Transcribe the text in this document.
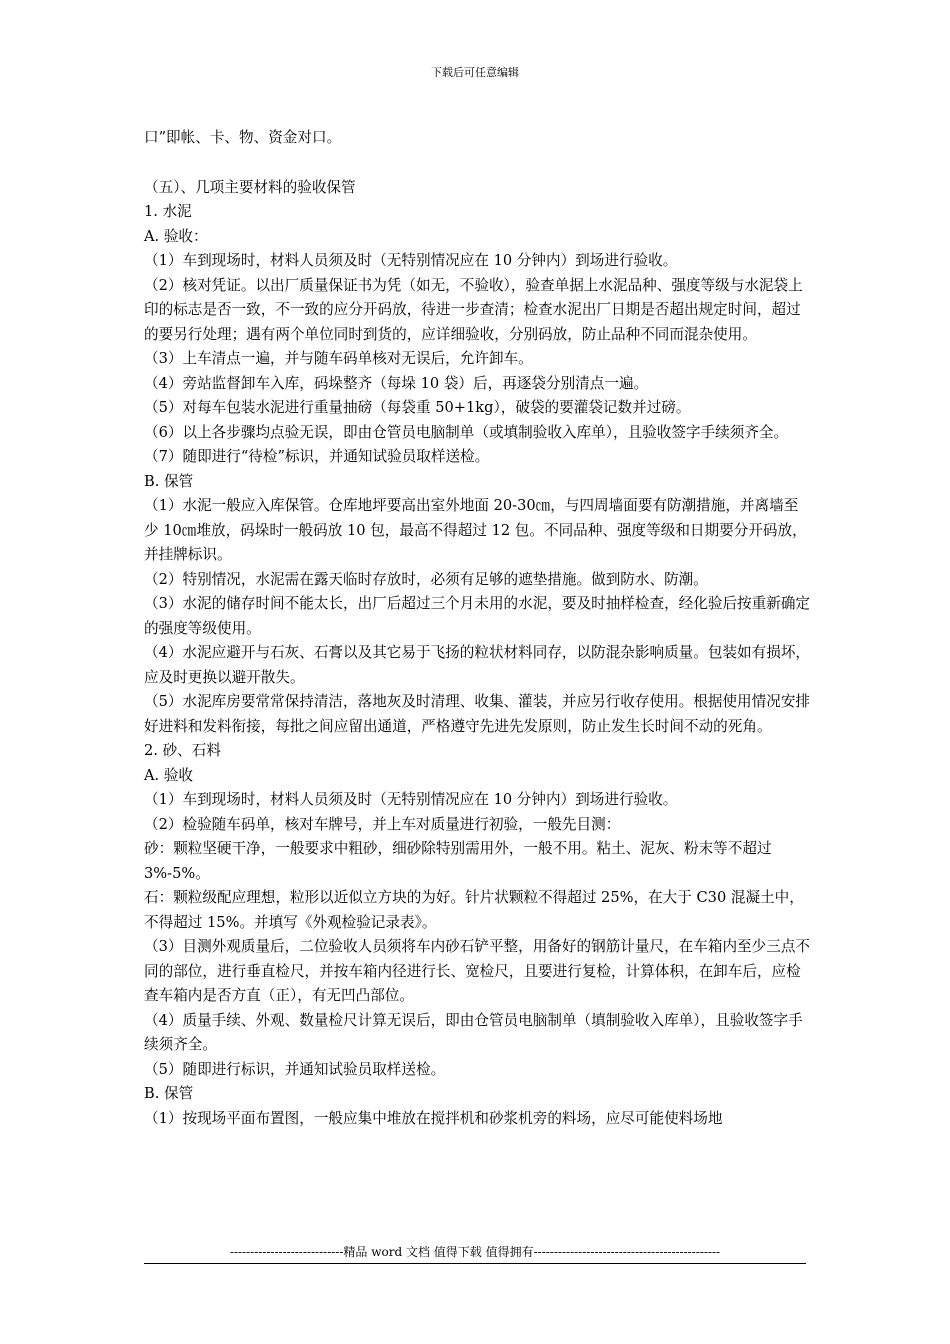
下载后可任意编辑

口”即帐、卡、物、资金对口。

（五）、几项主要材料的验收保管

1. 水泥

A. 验收：

（1）车到现场时，材料人员须及时（无特别情况应在 10 分钟内）到场进行验收。

（2）核对凭证。以出厂质量保证书为凭（如无，不验收），验查单据上水泥品种、强度等级与水泥袋上印的标志是否一致，不一致的应分开码放，待进一步查清；检查水泥出厂日期是否超出规定时间，超过的要另行处理；遇有两个单位同时到货的，应详细验收，分别码放，防止品种不同而混杂使用。

（3）上车清点一遍，并与随车码单核对无误后，允许卸车。

（4）旁站监督卸车入库，码垛整齐（每垛 10 袋）后，再逐袋分别清点一遍。

（5）对每车包装水泥进行重量抽磅（每袋重 50+1kg），破袋的要灌袋记数并过磅。

（6）以上各步骤均点验无误，即由仓管员电脑制单（或填制验收入库单），且验收签字手续须齐全。

（7）随即进行“待检”标识，并通知试验员取样送检。

B. 保管

（1）水泥一般应入库保管。仓库地坪要高出室外地面 20-30㎝，与四周墙面要有防潮措施，并离墙至少 10㎝堆放，码垛时一般码放 10 包，最高不得超过 12 包。不同品种、强度等级和日期要分开码放，并挂牌标识。

（2）特别情况，水泥需在露天临时存放时，必须有足够的遮垫措施。做到防水、防潮。

（3）水泥的储存时间不能太长，出厂后超过三个月未用的水泥，要及时抽样检查，经化验后按重新确定的强度等级使用。

（4）水泥应避开与石灰、石膏以及其它易于飞扬的粒状材料同存，以防混杂影响质量。包装如有损坏，应及时更换以避开散失。

（5）水泥库房要常常保持清洁，落地灰及时清理、收集、灌装，并应另行收存使用。根据使用情况安排好进料和发料衔接，每批之间应留出通道，严格遵守先进先发原则，防止发生长时间不动的死角。

2. 砂、石料

A. 验收

（1）车到现场时，材料人员须及时（无特别情况应在 10 分钟内）到场进行验收。

（2）检验随车码单，核对车牌号，并上车对质量进行初验，一般先目测：

砂：颗粒坚硬干净，一般要求中粗砂，细砂除特别需用外，一般不用。粘土、泥灰、粉末等不超过 3%-5%。

石：颗粒级配应理想，粒形以近似立方块的为好。针片状颗粒不得超过 25%，在大于 C30 混凝土中，不得超过 15%。并填写《外观检验记录表》。

（3）目测外观质量后，二位验收人员须将车内砂石铲平整，用备好的钢筋计量尺，在车箱内至少三点不同的部位，进行垂直检尺，并按车箱内径进行长、宽检尺，且要进行复检，计算体积，在卸车后，应检查车箱内是否方直（正），有无凹凸部位。

（4）质量手续、外观、数量检尺计算无误后，即由仓管员电脑制单（填制验收入库单），且验收签字手续须齐全。

（5）随即进行标识，并通知试验员取样送检。

B. 保管

（1）按现场平面布置图，一般应集中堆放在搅拌机和砂浆机旁的料场，应尽可能使料场地

----------------------------精品 word 文档 值得下载 值得拥有----------------------------------------------
